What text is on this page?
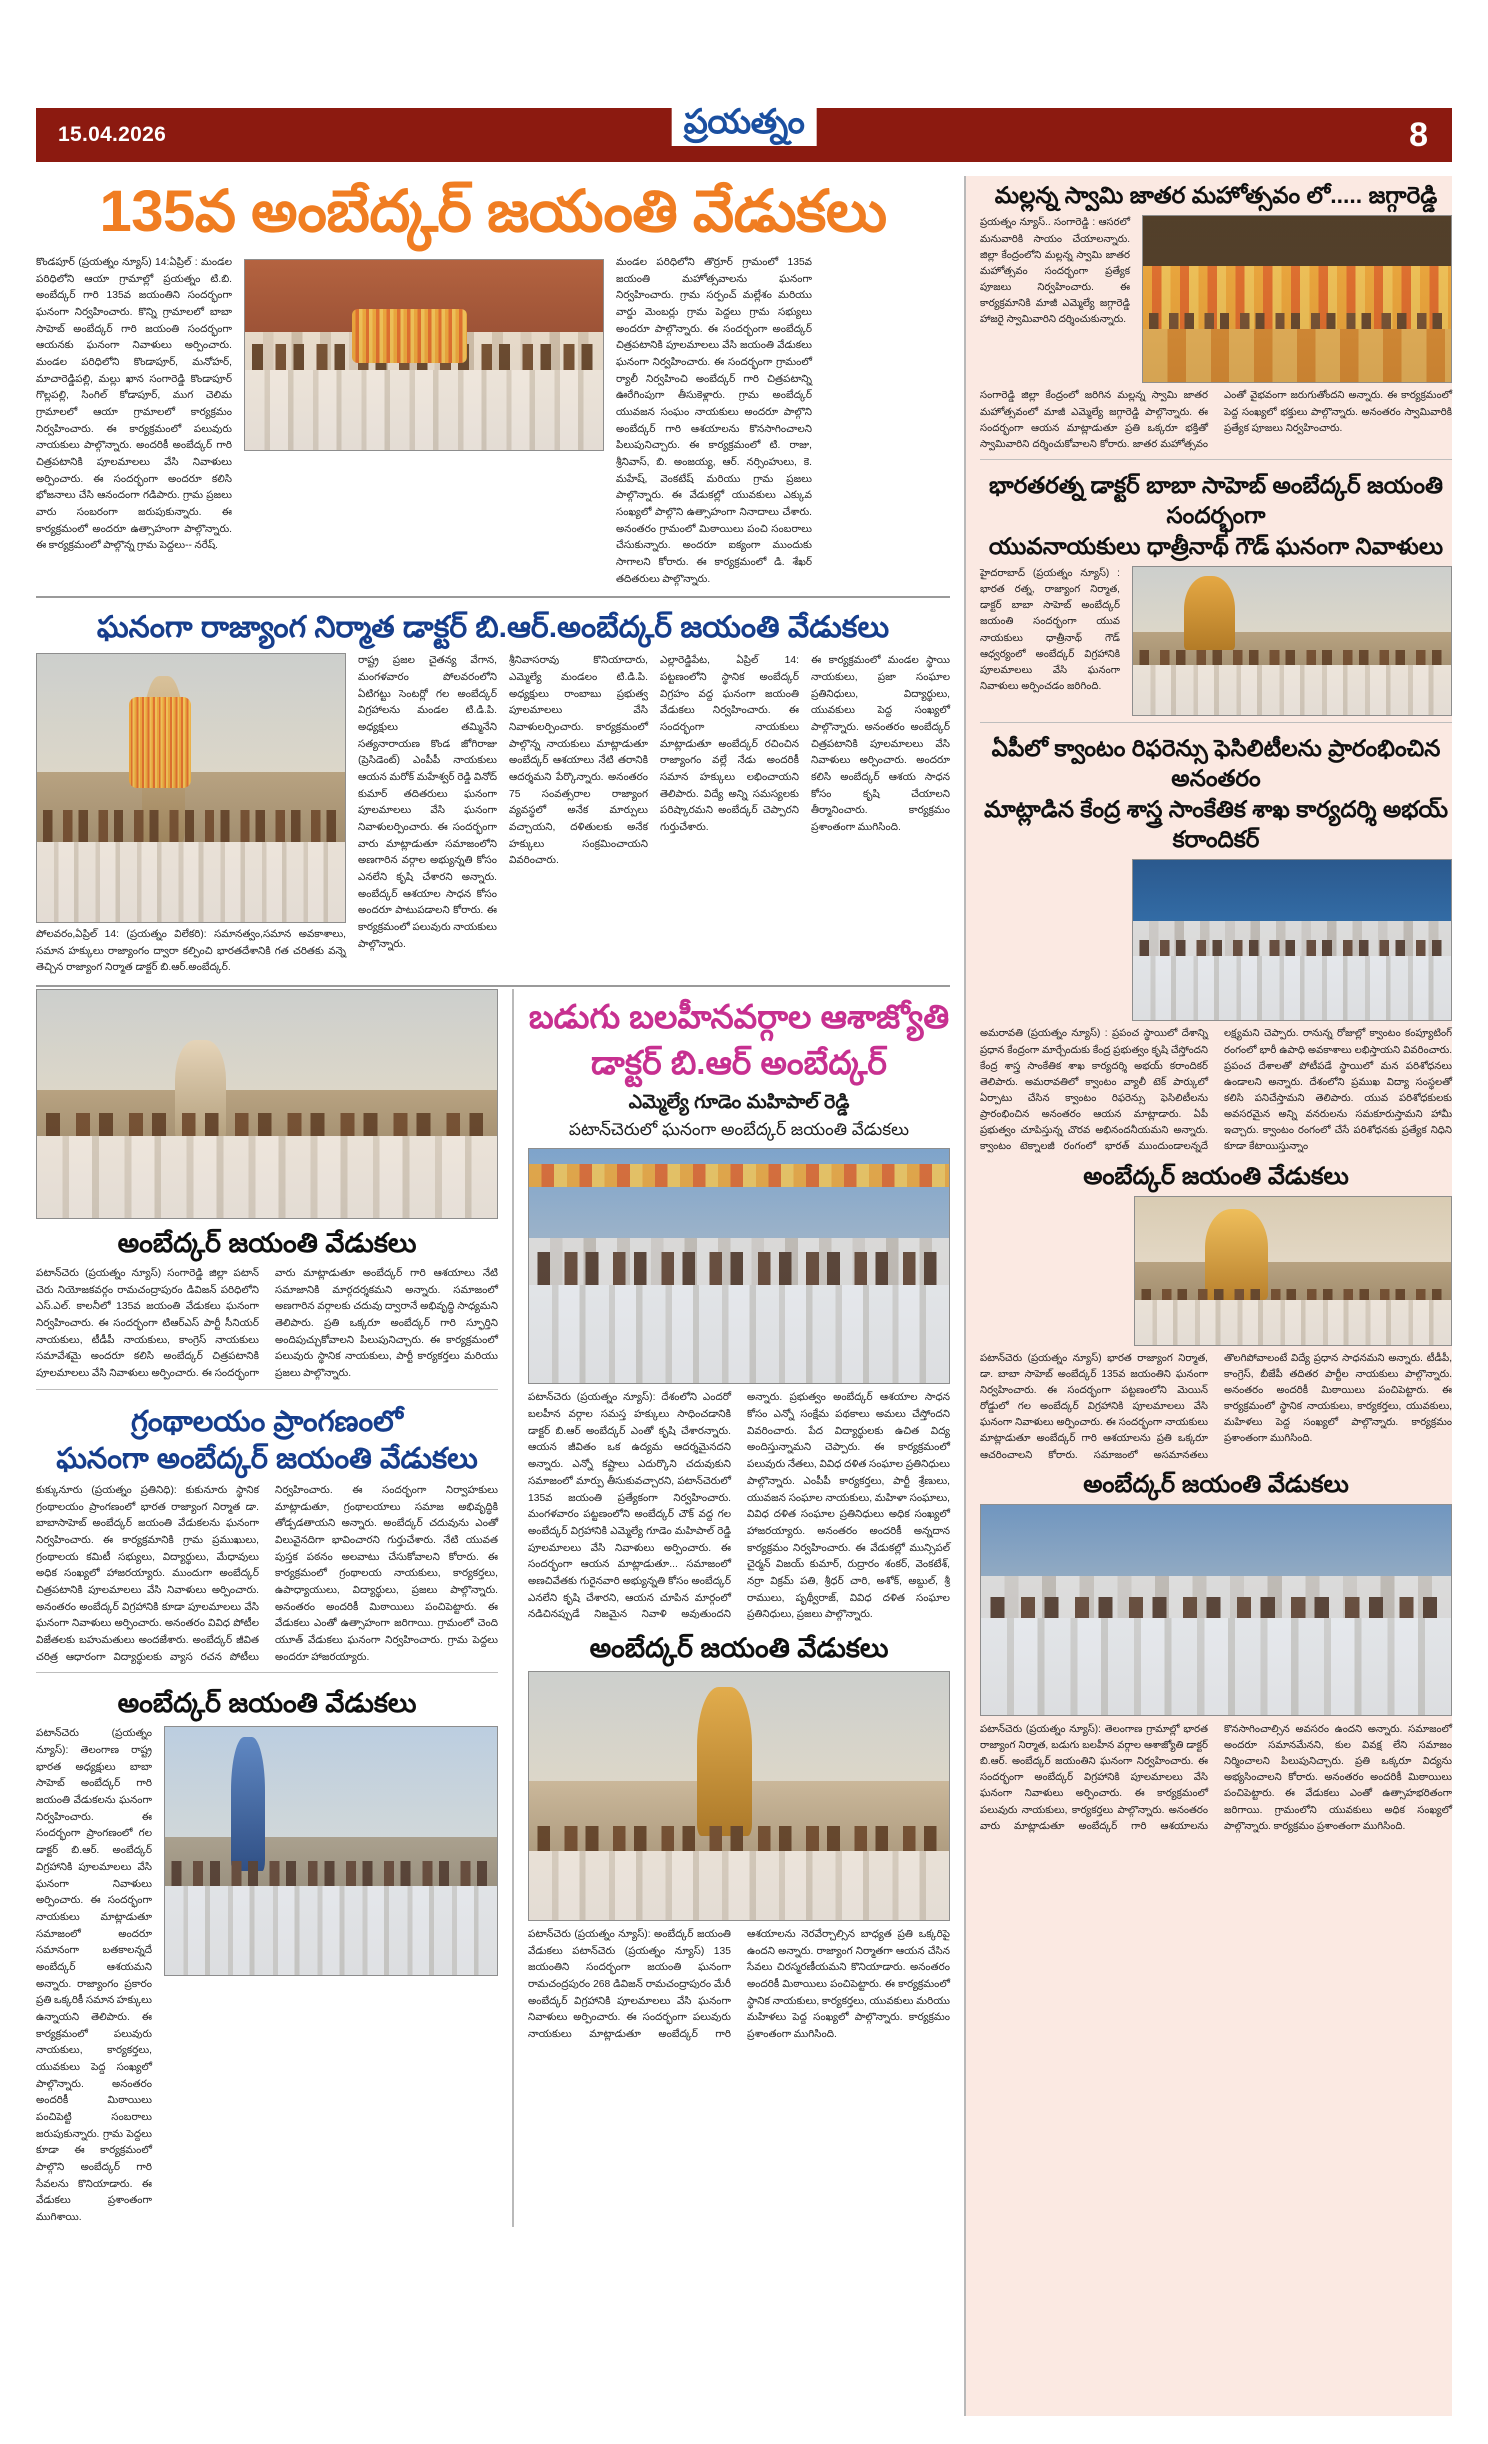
15.04.2026	ప్రయత్నం	8
135వ అంబేద్కర్ జయంతి వేడుకలు
కొండపూర్ (ప్రయత్నం న్యూస్) 14:ఏప్రిల్ : మండల పరిధిలోని ఆయా గ్రామాల్లో ప్రయత్నం టి.బి. అంబేద్కర్ గారి 135వ జయంతిని సందర్భంగా ఘనంగా నిర్వహించారు. కొన్ని గ్రామాలలో బాబా సాహెబ్ అంబేద్కర్ గారి జయంతి సందర్భంగా ఆయనకు ఘనంగా నివాళులు అర్పించారు. మండల పరిధిలోని కొండాపూర్, మనోహర్, మాచారెడ్డిపల్లి, మల్లు ఖాన సంగారెడ్డి కొండాపూర్ గొల్లపల్లి, సింగిల్ కోడాపూర్, ముగ చెలిమ గ్రామాలలో ఆయా గ్రామాలలో కార్యక్రమం నిర్వహించారు. ఈ కార్యక్రమంలో పలువురు నాయకులు పాల్గొన్నారు. అందరికీ అంబేద్కర్ గారి చిత్రపటానికి పూలమాలలు వేసి నివాళులు అర్పించారు. ఈ సందర్భంగా అందరూ కలిసి భోజనాలు చేసి ఆనందంగా గడిపారు. గ్రామ ప్రజలు వారు సంబరంగా జరుపుకున్నారు. ఈ కార్యక్రమంలో అందరూ ఉత్సాహంగా పాల్గొన్నారు. ఈ కార్యక్రమంలో పాల్గొన్న గ్రామ పెద్దలు-- నరేష్.
మండల పరిధిలోని తొర్రూర్ గ్రామంలో 135వ జయంతి మహోత్సవాలను ఘనంగా నిర్వహించారు. గ్రామ సర్పంచ్ మల్లేశం మరియు వార్డు మెంబర్లు గ్రామ పెద్దలు గ్రామ సభ్యులు అందరూ పాల్గొన్నారు. ఈ సందర్భంగా అంబేద్కర్ చిత్రపటానికి పూలమాలలు వేసి జయంతి వేడుకలు ఘనంగా నిర్వహించారు. ఈ సందర్భంగా గ్రామంలో ర్యాలీ నిర్వహించి అంబేద్కర్ గారి చిత్రపటాన్ని ఊరేగింపుగా తీసుకెళ్లారు. గ్రామ అంబేద్కర్ యువజన సంఘం నాయకులు అందరూ పాల్గొని అంబేద్కర్ గారి ఆశయాలను కొనసాగించాలని పిలుపునిచ్చారు. ఈ కార్యక్రమంలో టి. రాజు, శ్రీనివాస్, బి. అంజయ్య, ఆర్. నర్సింహులు, కె. మహేష్, వెంకటేష్ మరియు గ్రామ ప్రజలు పాల్గొన్నారు. ఈ వేడుకల్లో యువకులు ఎక్కువ సంఖ్యలో పాల్గొని ఉత్సాహంగా నినాదాలు చేశారు. అనంతరం గ్రామంలో మిఠాయిలు పంచి సంబరాలు చేసుకున్నారు. అందరూ ఐక్యంగా ముందుకు సాగాలని కోరారు. ఈ కార్యక్రమంలో డి. శేఖర్ తదితరులు పాల్గొన్నారు.
ఘనంగా రాజ్యాంగ నిర్మాత డాక్టర్ బి.ఆర్.అంబేద్కర్ జయంతి వేడుకలు
పోలవరం,ఏప్రిల్ 14: (ప్రయత్నం విలేకరి): సమానత్వం,సమాన అవకాశాలు, సమాన హక్కులు రాజ్యాంగం ద్వారా కల్పించి భారతదేశానికి గత చరితకు వన్నె తెచ్చిన రాజ్యాంగ నిర్మాత డాక్టర్ బి.ఆర్.అంబేద్కర్.
రాష్ట్ర ప్రజల చైతన్య వేగాన, మంగళవారం పోలవరంలోని ఏటిగట్టు సెంటర్లో గల అంబేద్కర్ విగ్రహాలను మండల టి.డి.పి. అధ్యక్షులు తమ్మినేని సత్యనారాయణ కొండ జోగిరాజు (ప్రెసిడెంట్) ఎంపీపీ నాయకులు ఆయన మరోక్ మహేశ్వర్ రెడ్డి వినోద్ కుమార్ తదితరులు ఘనంగా పూలమాలలు వేసి ఘనంగా నివాళులర్పించారు. ఈ సందర్భంగా వారు మాట్లాడుతూ సమాజంలోని అణగారిన వర్గాల అభ్యున్నతి కోసం ఎనలేని కృషి చేశారని అన్నారు. అంబేద్కర్ ఆశయాల సాధన కోసం అందరూ పాటుపడాలని కోరారు. ఈ కార్యక్రమంలో పలువురు నాయకులు పాల్గొన్నారు.
శ్రీనివాసరావు కొనియాదారు, ఎమ్మెల్యే మండలం టి.డి.పి. అధ్యక్షులు రాంబాబు ప్రభుత్వ పూలమాలలు వేసి నివాళులర్పించారు. కార్యక్రమంలో పాల్గొన్న నాయకులు మాట్లాడుతూ అంబేద్కర్ ఆశయాలు నేటి తరానికి ఆదర్శమని పేర్కొన్నారు. అనంతరం 75 సంవత్సరాల రాజ్యాంగ వ్యవస్థలో అనేక మార్పులు వచ్చాయని, దళితులకు అనేక హక్కులు సంక్రమించాయని వివరించారు.
ఎల్లారెడ్డిపేట, ఏప్రిల్ 14: పట్టణంలోని స్థానిక అంబేద్కర్ విగ్రహం వద్ద ఘనంగా జయంతి వేడుకలు నిర్వహించారు. ఈ సందర్భంగా నాయకులు మాట్లాడుతూ అంబేద్కర్ రచించిన రాజ్యాంగం వల్లే నేడు అందరికీ సమాన హక్కులు లభించాయని తెలిపారు. విద్యే అన్ని సమస్యలకు పరిష్కారమని అంబేద్కర్ చెప్పారని గుర్తుచేశారు.
ఈ కార్యక్రమంలో మండల స్థాయి నాయకులు, ప్రజా సంఘాల ప్రతినిధులు, విద్యార్థులు, యువకులు పెద్ద సంఖ్యలో పాల్గొన్నారు. అనంతరం అంబేద్కర్ చిత్రపటానికి పూలమాలలు వేసి నివాళులు అర్పించారు. అందరూ కలిసి అంబేద్కర్ ఆశయ సాధన కోసం కృషి చేయాలని తీర్మానించారు. కార్యక్రమం ప్రశాంతంగా ముగిసింది.
అంబేద్కర్ జయంతి వేడుకలు
పటాన్‌చెరు (ప్రయత్నం న్యూస్) సంగారెడ్డి జిల్లా పటాన్ చెరు నియోజకవర్గం రామచంద్రాపురం డివిజన్ పరిధిలోని ఎస్.ఎల్. కాలనీలో 135వ జయంతి వేడుకలు ఘనంగా నిర్వహించారు. ఈ సందర్భంగా టిఆర్ఎస్ పార్టీ సీనియర్ నాయకులు, టీడీపీ నాయకులు, కాంగ్రెస్ నాయకులు సమావేశమై అందరూ కలిసి అంబేద్కర్ చిత్రపటానికి పూలమాలలు వేసి నివాళులు అర్పించారు. ఈ సందర్భంగా వారు మాట్లాడుతూ అంబేద్కర్ గారి ఆశయాలు నేటి సమాజానికి మార్గదర్శకమని అన్నారు. సమాజంలో అణగారిన వర్గాలకు చదువు ద్వారానే అభివృద్ధి సాధ్యమని తెలిపారు. ప్రతి ఒక్కరూ అంబేద్కర్ గారి స్ఫూర్తిని అందిపుచ్చుకోవాలని పిలుపునిచ్చారు. ఈ కార్యక్రమంలో పలువురు స్థానిక నాయకులు, పార్టీ కార్యకర్తలు మరియు ప్రజలు పాల్గొన్నారు.
గ్రంథాలయం ప్రాంగణంలో
ఘనంగా అంబేద్కర్ జయంతి వేడుకలు
కుక్కునూరు (ప్రయత్నం ప్రతినిధి): కుకునూరు స్థానిక గ్రంథాలయం ప్రాంగణంలో భారత రాజ్యాంగ నిర్మాత డా. బాబాసాహెబ్ అంబేద్కర్ జయంతి వేడుకలను ఘనంగా నిర్వహించారు. ఈ కార్యక్రమానికి గ్రామ ప్రముఖులు, గ్రంథాలయ కమిటీ సభ్యులు, విద్యార్థులు, మేధావులు అధిక సంఖ్యలో హాజరయ్యారు. ముందుగా అంబేద్కర్ చిత్రపటానికి పూలమాలలు వేసి నివాళులు అర్పించారు. అనంతరం అంబేద్కర్ విగ్రహానికి కూడా పూలమాలలు వేసి ఘనంగా నివాళులు అర్పించారు. అనంతరం వివిధ పోటీల విజేతలకు బహుమతులు అందజేశారు. అంబేద్కర్ జీవిత చరిత్ర ఆధారంగా విద్యార్థులకు వ్యాస రచన పోటీలు నిర్వహించారు. ఈ సందర్భంగా నిర్వాహకులు మాట్లాడుతూ, గ్రంథాలయాలు సమాజ అభివృద్ధికి తోడ్పడతాయని అన్నారు. అంబేద్కర్ చదువును ఎంతో విలువైనదిగా భావించారని గుర్తుచేశారు. నేటి యువత పుస్తక పఠనం అలవాటు చేసుకోవాలని కోరారు. ఈ కార్యక్రమంలో గ్రంథాలయ నాయకులు, కార్యకర్తలు, ఉపాధ్యాయులు, విద్యార్థులు, ప్రజలు పాల్గొన్నారు. అనంతరం అందరికీ మిఠాయిలు పంచిపెట్టారు. ఈ వేడుకలు ఎంతో ఉత్సాహంగా జరిగాయి. గ్రామంలో చెంది యూత్ వేడుకలు ఘనంగా నిర్వహించారు. గ్రామ పెద్దలు అందరూ హాజరయ్యారు.
అంబేద్కర్ జయంతి వేడుకలు
పటాన్‌చెరు (ప్రయత్నం న్యూస్): తెలంగాణ రాష్ట్ర భారత అధ్యక్షులు బాబా సాహెబ్ అంబేద్కర్ గారి జయంతి వేడుకలను ఘనంగా నిర్వహించారు. ఈ సందర్భంగా ప్రాంగణంలో గల డాక్టర్ బి.ఆర్. అంబేద్కర్ విగ్రహానికి పూలమాలలు వేసి ఘనంగా నివాళులు అర్పించారు. ఈ సందర్భంగా నాయకులు మాట్లాడుతూ సమాజంలో అందరూ సమానంగా బతకాలన్నదే అంబేద్కర్ ఆశయమని అన్నారు. రాజ్యాంగం ప్రకారం ప్రతి ఒక్కరికీ సమాన హక్కులు ఉన్నాయని తెలిపారు. ఈ కార్యక్రమంలో పలువురు నాయకులు, కార్యకర్తలు, యువకులు పెద్ద సంఖ్యలో పాల్గొన్నారు. అనంతరం అందరికీ మిఠాయిలు పంచిపెట్టి సంబరాలు జరుపుకున్నారు. గ్రామ పెద్దలు కూడా ఈ కార్యక్రమంలో పాల్గొని అంబేద్కర్ గారి సేవలను కొనియాడారు. ఈ వేడుకలు ప్రశాంతంగా ముగిశాయి.
బడుగు బలహీనవర్గాల ఆశాజ్యోతి
డాక్టర్ బి.ఆర్ అంబేద్కర్
ఎమ్మెల్యే గూడెం మహిపాల్ రెడ్డి
పటాన్‌చెరులో ఘనంగా అంబేద్కర్ జయంతి వేడుకలు
పటాన్‌చెరు (ప్రయత్నం న్యూస్): దేశంలోని ఎందరో బలహీన వర్గాల సమస్త హక్కులు సాధించడానికి డాక్టర్ బి.ఆర్ అంబేద్కర్ ఎంతో కృషి చేశారన్నారు. ఆయన జీవితం ఒక ఉద్యమ ఆదర్శమైనదని అన్నారు. ఎన్నో కష్టాలు ఎదుర్కొని చదువుకుని సమాజంలో మార్పు తీసుకువచ్చారని, పటాన్‌చెరులో 135వ జయంతి ప్రత్యేకంగా నిర్వహించారు. మంగళవారం పట్టణంలోని అంబేద్కర్ చౌక్ వద్ద గల అంబేద్కర్ విగ్రహానికి ఎమ్మెల్యే గూడెం మహిపాల్ రెడ్డి పూలమాలలు వేసి నివాళులు అర్పించారు. ఈ సందర్భంగా ఆయన మాట్లాడుతూ... సమాజంలో అణచివేతకు గురైనవారి అభ్యున్నతి కోసం అంబేద్కర్ ఎనలేని కృషి చేశారని, ఆయన చూపిన మార్గంలో నడిచినప్పుడే నిజమైన నివాళి అవుతుందని అన్నారు. ప్రభుత్వం అంబేద్కర్ ఆశయాల సాధన కోసం ఎన్నో సంక్షేమ పథకాలు అమలు చేస్తోందని వివరించారు. పేద విద్యార్థులకు ఉచిత విద్య అందిస్తున్నామని చెప్పారు. ఈ కార్యక్రమంలో పలువురు నేతలు, వివిధ దళిత సంఘాల ప్రతినిధులు పాల్గొన్నారు. ఎంపీపీ కార్యకర్తలు, పార్టీ శ్రేణులు, యువజన సంఘాల నాయకులు, మహిళా సంఘాలు, వివిధ దళిత సంఘాల ప్రతినిధులు అధిక సంఖ్యలో హాజరయ్యారు. అనంతరం అందరికీ అన్నదాన కార్యక్రమం నిర్వహించారు. ఈ వేడుకల్లో మున్సిపల్ చైర్మన్ విజయ్ కుమార్, రుద్రారం శంకర్, వెంకటేశ్, నర్రా విక్రమ్ పతి, శ్రీధర్ చారి, అశోక్, అబ్దుల్, శ్రీ రాములు, పృథ్వీరాజ్, వివిధ దళిత సంఘాల ప్రతినిధులు, ప్రజలు పాల్గొన్నారు.
అంబేద్కర్ జయంతి వేడుకలు
పటాన్‌చెరు (ప్రయత్నం న్యూస్): అంబేద్కర్ జయంతి వేడుకలు పటాన్‌చెరు (ప్రయత్నం న్యూస్) 135 జయంతిని సందర్భంగా జయంతి ఘనంగా రామచంద్రపురం 268 డివిజన్ రామచంద్రాపురం మేరీ అంబేద్కర్ విగ్రహానికి పూలమాలలు వేసి ఘనంగా నివాళులు అర్పించారు. ఈ సందర్భంగా పలువురు నాయకులు మాట్లాడుతూ అంబేద్కర్ గారి ఆశయాలను నెరవేర్చాల్సిన బాధ్యత ప్రతి ఒక్కరిపై ఉందని అన్నారు. రాజ్యాంగ నిర్మాతగా ఆయన చేసిన సేవలు చిరస్మరణీయమని కొనియాడారు. అనంతరం అందరికీ మిఠాయిలు పంచిపెట్టారు. ఈ కార్యక్రమంలో స్థానిక నాయకులు, కార్యకర్తలు, యువకులు మరియు మహిళలు పెద్ద సంఖ్యలో పాల్గొన్నారు. కార్యక్రమం ప్రశాంతంగా ముగిసింది.
మల్లన్న స్వామి జాతర మహోత్సవం లో..... జగ్గారెడ్డి
ప్రయత్నం న్యూస్.. సంగారెడ్డి : ఆసరలో మనువారికి సాయం చేయాలన్నారు. జిల్లా కేంద్రంలోని మల్లన్న స్వామి జాతర మహోత్సవం సందర్భంగా ప్రత్యేక పూజలు నిర్వహించారు. ఈ కార్యక్రమానికి మాజీ ఎమ్మెల్యే జగ్గారెడ్డి హాజరై స్వామివారిని దర్శించుకున్నారు.
సంగారెడ్డి జిల్లా కేంద్రంలో జరిగిన మల్లన్న స్వామి జాతర మహోత్సవంలో మాజీ ఎమ్మెల్యే జగ్గారెడ్డి పాల్గొన్నారు. ఈ సందర్భంగా ఆయన మాట్లాడుతూ ప్రతి ఒక్కరూ భక్తితో స్వామివారిని దర్శించుకోవాలని కోరారు. జాతర మహోత్సవం ఎంతో వైభవంగా జరుగుతోందని అన్నారు. ఈ కార్యక్రమంలో పెద్ద సంఖ్యలో భక్తులు పాల్గొన్నారు. అనంతరం స్వామివారికి ప్రత్యేక పూజలు నిర్వహించారు.
భారతరత్న డాక్టర్ బాబా సాహెబ్ అంబేద్కర్ జయంతి సందర్భంగా
యువనాయకులు ధాత్రీనాథ్ గౌడ్ ఘనంగా నివాళులు
హైదరాబాద్ (ప్రయత్నం న్యూస్) : భారత రత్న, రాజ్యాంగ నిర్మాత, డాక్టర్ బాబా సాహెబ్ అంబేద్కర్ జయంతి సందర్భంగా యువ నాయకులు ధాత్రీనాథ్ గౌడ్ ఆధ్వర్యంలో అంబేద్కర్ విగ్రహానికి పూలమాలలు వేసి ఘనంగా నివాళులు అర్పించడం జరిగింది.
ఏపీలో క్వాంటం రిఫరెన్సు ఫెసిలిటీలను ప్రారంభించిన అనంతరం
మాట్లాడిన కేంద్ర శాస్త్ర సాంకేతిక శాఖ కార్యదర్శి అభయ్ కరాందికర్
అమరావతి (ప్రయత్నం న్యూస్) : ప్రపంచ స్థాయిలో దేశాన్ని ప్రధాన కేంద్రంగా మార్చేందుకు కేంద్ర ప్రభుత్వం కృషి చేస్తోందని కేంద్ర శాస్త్ర సాంకేతిక శాఖ కార్యదర్శి అభయ్ కరాందికర్ తెలిపారు. అమరావతిలో క్వాంటం వ్యాలీ టెక్ పార్కులో ఏర్పాటు చేసిన క్వాంటం రిఫరెన్సు ఫెసిలిటీలను ప్రారంభించిన అనంతరం ఆయన మాట్లాడారు. ఏపీ ప్రభుత్వం చూపిస్తున్న చొరవ అభినందనీయమని అన్నారు. క్వాంటం టెక్నాలజీ రంగంలో భారత్ ముందుండాలన్నదే లక్ష్యమని చెప్పారు. రానున్న రోజుల్లో క్వాంటం కంప్యూటింగ్ రంగంలో భారీ ఉపాధి అవకాశాలు లభిస్తాయని వివరించారు. ప్రపంచ దేశాలతో పోటీపడే స్థాయిలో మన పరిశోధనలు ఉండాలని అన్నారు. దేశంలోని ప్రముఖ విద్యా సంస్థలతో కలిసి పనిచేస్తామని తెలిపారు. యువ పరిశోధకులకు అవసరమైన అన్ని వనరులను సమకూరుస్తామని హామీ ఇచ్చారు. క్వాంటం రంగంలో చేసే పరిశోధనకు ప్రత్యేక నిధిని కూడా కేటాయిస్తున్నాం
అంబేద్కర్ జయంతి వేడుకలు
పటాన్‌చెరు (ప్రయత్నం న్యూస్) భారత రాజ్యాంగ నిర్మాత, డా. బాబా సాహెబ్ అంబేద్కర్ 135వ జయంతిని ఘనంగా నిర్వహించారు. ఈ సందర్భంగా పట్టణంలోని మెయిన్ రోడ్డులో గల అంబేద్కర్ విగ్రహానికి పూలమాలలు వేసి ఘనంగా నివాళులు అర్పించారు. ఈ సందర్భంగా నాయకులు మాట్లాడుతూ అంబేద్కర్ గారి ఆశయాలను ప్రతి ఒక్కరూ ఆచరించాలని కోరారు. సమాజంలో అసమానతలు తొలగిపోవాలంటే విద్యే ప్రధాన సాధనమని అన్నారు. టీడీపీ, కాంగ్రెస్, బీజేపీ తదితర పార్టీల నాయకులు పాల్గొన్నారు. అనంతరం అందరికీ మిఠాయిలు పంచిపెట్టారు. ఈ కార్యక్రమంలో స్థానిక నాయకులు, కార్యకర్తలు, యువకులు, మహిళలు పెద్ద సంఖ్యలో పాల్గొన్నారు. కార్యక్రమం ప్రశాంతంగా ముగిసింది.
అంబేద్కర్ జయంతి వేడుకలు
పటాన్‌చెరు (ప్రయత్నం న్యూస్): తెలంగాణ గ్రామాల్లో భారత రాజ్యాంగ నిర్మాత, బడుగు బలహీన వర్గాల ఆశాజ్యోతి డాక్టర్ బి.ఆర్. అంబేద్కర్ జయంతిని ఘనంగా నిర్వహించారు. ఈ సందర్భంగా అంబేద్కర్ విగ్రహానికి పూలమాలలు వేసి ఘనంగా నివాళులు అర్పించారు. ఈ కార్యక్రమంలో పలువురు నాయకులు, కార్యకర్తలు పాల్గొన్నారు. అనంతరం వారు మాట్లాడుతూ అంబేద్కర్ గారి ఆశయాలను కొనసాగించాల్సిన అవసరం ఉందని అన్నారు. సమాజంలో అందరూ సమానమేనని, కుల వివక్ష లేని సమాజం నిర్మించాలని పిలుపునిచ్చారు. ప్రతి ఒక్కరూ విద్యను అభ్యసించాలని కోరారు. అనంతరం అందరికీ మిఠాయిలు పంచిపెట్టారు. ఈ వేడుకలు ఎంతో ఉత్సాహభరితంగా జరిగాయి. గ్రామంలోని యువకులు అధిక సంఖ్యలో పాల్గొన్నారు. కార్యక్రమం ప్రశాంతంగా ముగిసింది.
